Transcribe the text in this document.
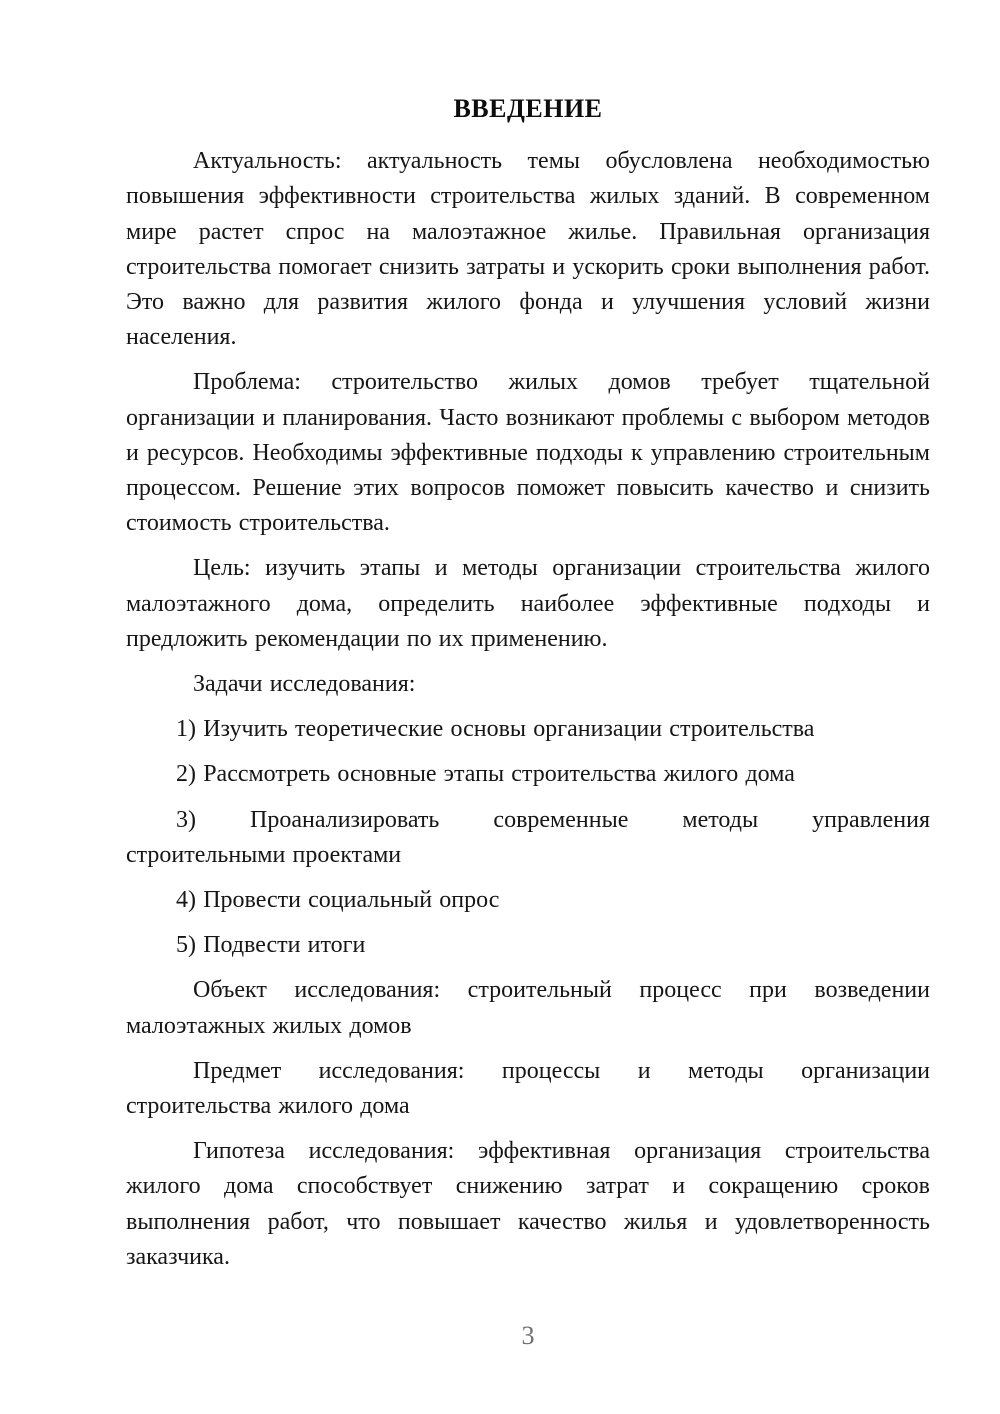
ВВЕДЕНИЕ

Актуальность: актуальность темы обусловлена необходимостью повышения эффективности строительства жилых зданий. В современном мире растет спрос на малоэтажное жилье. Правильная организация строительства помогает снизить затраты и ускорить сроки выполнения работ. Это важно для развития жилого фонда и улучшения условий жизни населения.

Проблема: строительство жилых домов требует тщательной организации и планирования. Часто возникают проблемы с выбором методов и ресурсов. Необходимы эффективные подходы к управлению строительным процессом. Решение этих вопросов поможет повысить качество и снизить стоимость строительства.

Цель: изучить этапы и методы организации строительства жилого малоэтажного дома, определить наиболее эффективные подходы и предложить рекомендации по их применению.

Задачи исследования:

1) Изучить теоретические основы организации строительства

2) Рассмотреть основные этапы строительства жилого дома

3) Проанализировать современные методы управления
строительными проектами

4) Провести социальный опрос

5) Подвести итоги

Объект исследования: строительный процесс при возведении малоэтажных жилых домов

Предмет исследования: процессы и методы организации строительства жилого дома

Гипотеза исследования: эффективная организация строительства жилого дома способствует снижению затрат и сокращению сроков выполнения работ, что повышает качество жилья и удовлетворенность заказчика.

3
